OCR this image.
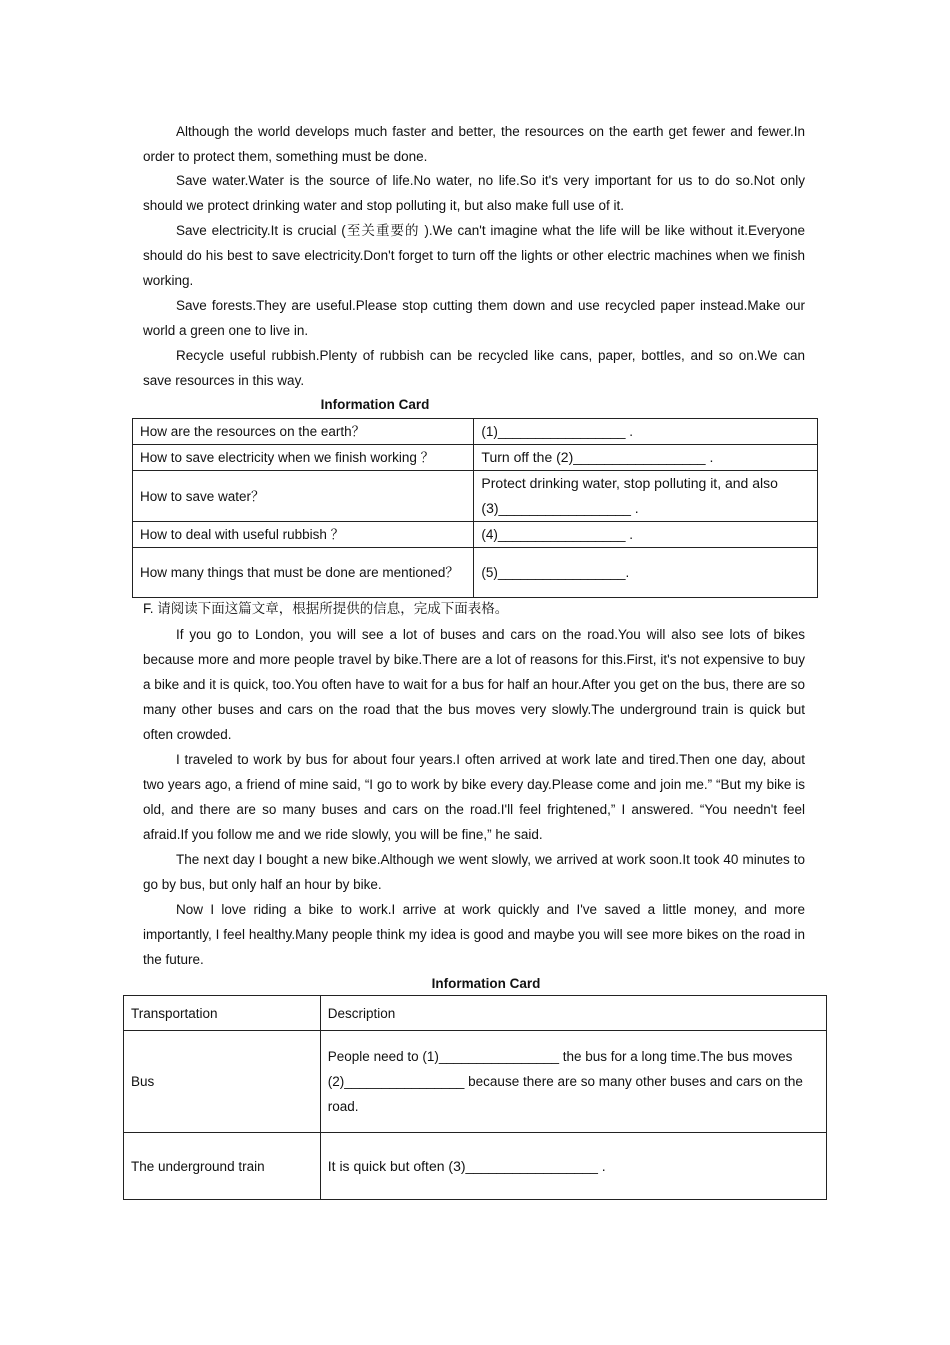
Although the world develops much faster and better, the resources on the earth get fewer and fewer.In order to protect them, something must be done.

Save water.Water is the source of life.No water, no life.So it's very important for us to do so.Not only should we protect drinking water and stop polluting it, but also make full use of it.

Save electricity.It is crucial (至关重要的 ).We can't imagine what the life will be like without it.Everyone should do his best to save electricity.Don't forget to turn off the lights or other electric machines when we finish working.

Save forests.They are useful.Please stop cutting them down and use recycled paper instead.Make our world a green one to live in.

Recycle useful rubbish.Plenty of rubbish can be recycled like cans, paper, bottles, and so on.We can save resources in this way.

Information Card
How are the resources on the earth？	(1)_________________ .
How to save electricity when we finish working ？	Turn off the (2)_________________ .
How to save water？	Protect drinking water, stop polluting it, and also (3)_________________ .
How to deal with useful rubbish ？	(4)_________________ .
How many things that must be done are mentioned？	(5)_________________.
F. 请阅读下面这篇文章，根据所提供的信息，完成下面表格。

If you go to London, you will see a lot of buses and cars on the road.You will also see lots of bikes because more and more people travel by bike.There are a lot of reasons for this.First, it's not expensive to buy a bike and it is quick, too.You often have to wait for a bus for half an hour.After you get on the bus, there are so many other buses and cars on the road that the bus moves very slowly.The underground train is quick but often crowded.

I traveled to work by bus for about four years.I often arrived at work late and tired.Then one day, about two years ago, a friend of mine said, “I go to work by bike every day.Please come and join me.” “But my bike is old, and there are so many buses and cars on the road.I'll feel frightened,” I answered. “You needn't feel afraid.If you follow me and we ride slowly, you will be fine,” he said.

The next day I bought a new bike.Although we went slowly, we arrived at work soon.It took 40 minutes to go by bus, but only half an hour by bike.

Now I love riding a bike to work.I arrive at work quickly and I've saved a little money, and more importantly, I feel healthy.Many people think my idea is good and maybe you will see more bikes on the road in the future.

Information Card
Transportation	Description
Bus	People need to (1)________________ the bus for a long time.The bus moves (2)________________ because there are so many other buses and cars on the road.
The underground train	It is quick but often (3)_________________ .
